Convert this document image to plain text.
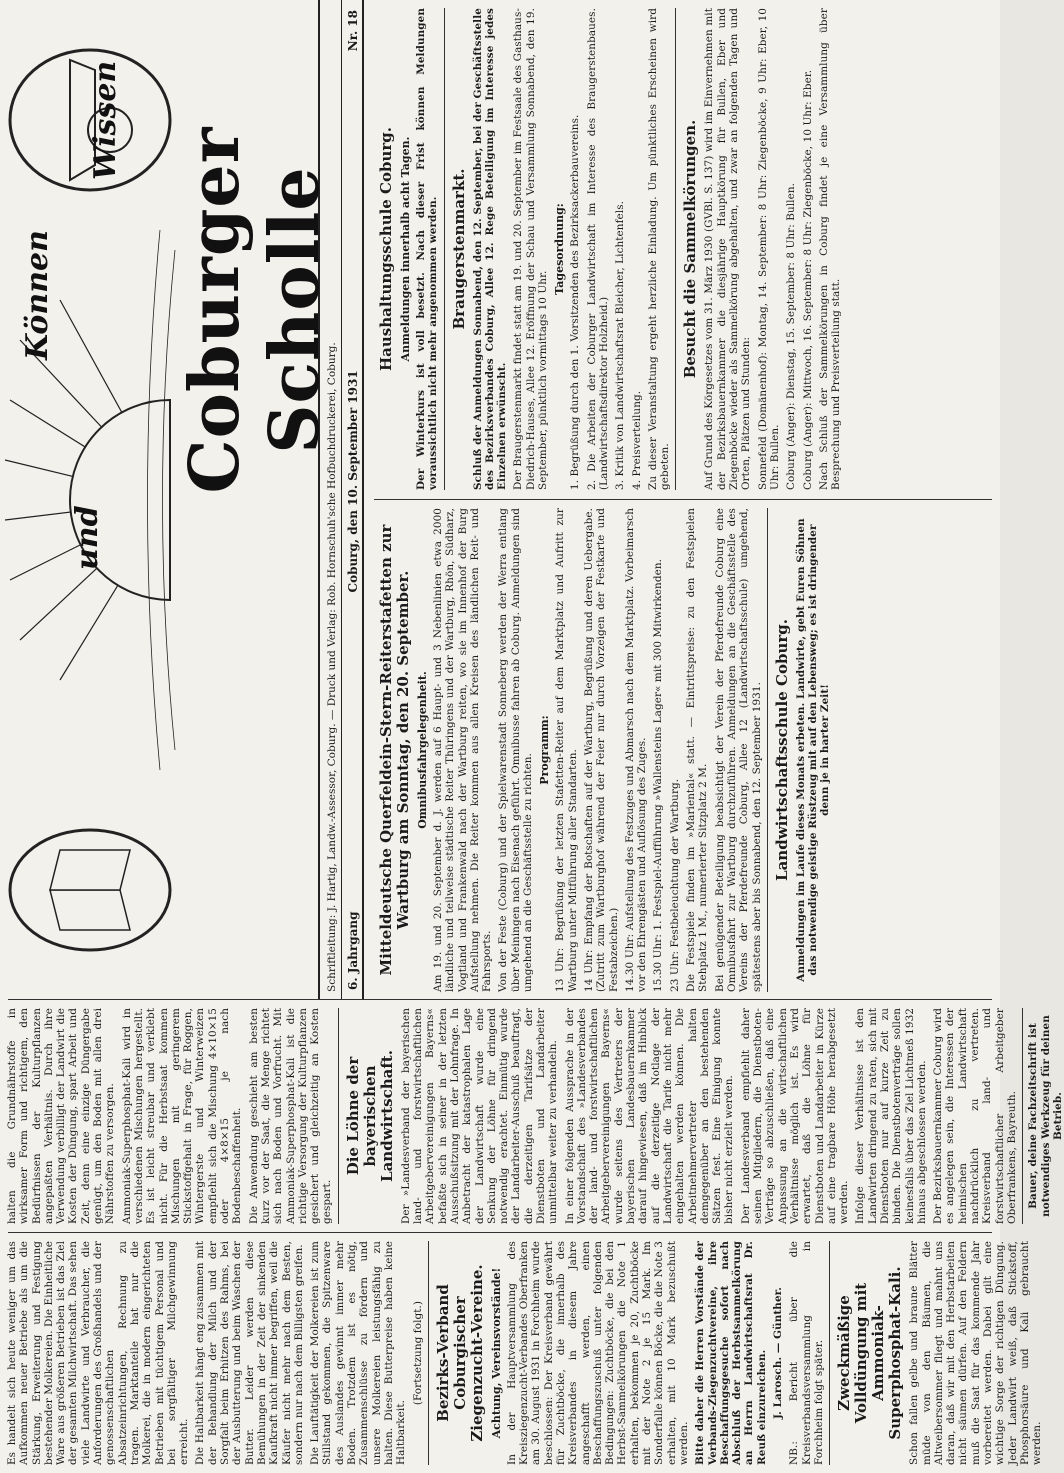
Wissen
und
Können Coburger Scholle
Schriftleitung: J. Hartig, Landw.-Assessor, Coburg. — Druck und Verlag: Rob. Hornschuh'sche Hofbuchdruckerei, Coburg. 6. Jahrgang
Coburg, den 10. September 1931
Nr. 18

Es handelt sich heute weniger um das Aufkommen neuer Betriebe als um die Stärkung, Erweiterung und Festigung bestehender Molkereien. Die Einheitliche Ware aus größeren Betrieben ist das Ziel der gesamten Milchwirtschaft. Das sehen viele Landwirte und Verbraucher, die Anforderungen des Großhandels und der genossenschaftlichen Absatzeinrichtungen, Rechnung zu tragen. Marktanteile hat nur die Molkerei, die in modern eingerichteten Betrieben mit tüchtigem Personal und bei sorgfältiger Milchgewinnung erreicht. Die Haltbarkeit hängt eng zusammen mit der Behandlung der Milch und der Sorgfalt beim Erhitzen des Rahms, bei der Ausbutterung und beim Waschen der Butter. Leider werden diese Bemühungen in der Zeit der sinkenden Kaufkraft nicht immer begriffen, weil die Käufer nicht mehr nach dem Besten, sondern nur nach dem Billigsten greifen. Die Lauftätigkeit der Molkereien ist zum Stillstand gekommen, die Spitzenware des Auslandes gewinnt immer mehr Boden. Trotzdem ist es nötig, Zusammenschlüsse zu fördern und unsere Molkereien leistungsfähig zu halten. Diese Butterpreise haben keine Haltbarkeit.

(Fortsetzung folgt.) Bezirks-Verband Coburgischer Ziegenzucht-Vereine. Achtung, Vereinsvorstände! In der Hauptversammlung des Kreisziegenzucht-Verbandes Oberfranken am 30. August 1931 in Forchheim wurde beschlossen: Der Kreisverband gewährt für Zuchtböcke, die innerhalb des Kreisverbandes in diesem Jahre angeschafft werden, einen Beschaffungszuschuß unter folgenden Bedingungen: Zuchtböcke, die bei den Herbst-Sammelkörungen die Note 1 erhalten, bekommen je 20, Zuchtböcke mit der Note 2 je 15 Mark. Im Sonderfalle können Böcke, die die Note 3 erhalten, mit 10 Mark bezuschußt werden. Bitte daher die Herren Vorstände der Verbands-Ziegenzuchtvereine, ihre Beschaffungsgesuche sofort nach Abschluß der Herbstsammelkörung an Herrn Landwirtschaftsrat Dr. Reuß einzureichen. J. Larosch. — Günther. NB.: Bericht über die Kreisverbandsversammlung in Forchheim folgt später. Zweckmäßige Volldüngung mit Ammoniak-Superphosphat-Kali. Schon fallen gelbe und braune Blätter müde von den Bäumen, die Altweibersommer fliegt und mahnt uns daran, daß wir mit den Herbstarbeiten nicht säumen dürfen. Auf den Feldern muß die Saat für das kommende Jahr vorbereitet werden. Dabei gilt eine wichtige Sorge der richtigen Düngung. Jeder Landwirt weiß, daß Stickstoff, Phosphorsäure und Kali gebraucht werden.

halten die Grundnährstoffe in wirksamer Form und richtigem, den Bedürfnissen der Kulturpflanzen angepaßten Verhältnis. Durch ihre Verwendung verbilligt der Landwirt die Kosten der Düngung, spart Arbeit und Zeit, denn eine einzige Düngergabe genügt, um den Boden mit allen drei Nährstoffen zu versorgen. Ammoniak-Superphosphat-Kali wird in verschiedenen Mischungen hergestellt. Es ist leicht streubar und verklebt nicht. Für die Herbstsaat kommen Mischungen mit geringerem Stickstoffgehalt in Frage, für Roggen, Wintergerste und Winterweizen empfiehlt sich die Mischung 4×10×15 oder 4×8×15 je nach Bodenbeschaffenheit. Die Anwendung geschieht am besten kurz vor der Saat, die Menge richtet sich nach Boden und Vorfrucht. Mit Ammoniak-Superphosphat-Kali ist die richtige Versorgung der Kulturpflanzen gesichert und gleichzeitig an Kosten gespart.

Die Löhne der bayerischen Landwirtschaft. Der »Landesverband der bayerischen land- und forstwirtschaftlichen Arbeitgebervereinigungen Bayerns« befaßte sich in seiner in der letzten Ausschußsitzung mit der Lohnfrage. In Anbetracht der katastrophalen Lage der Landwirtschaft wurde eine Senkung der Löhne für dringend notwendig erachtet. Einmütig wurde der Landarbeiter-Ausschuß beauftragt, die derzeitigen Tarifsätze der Dienstboten und Landarbeiter unmittelbar weiter zu verhandeln. In einer folgenden Aussprache in der Vorstandschaft des »Landesverbandes der land- und forstwirtschaftlichen Arbeitgebervereinigungen Bayerns« wurde seitens des Vertreters der bayerischen Landesbauernkammer darauf hingewiesen, daß im Hinblick auf die derzeitige Notlage der Landwirtschaft die Tarife nicht mehr eingehalten werden können. Die Arbeitnehmervertreter halten demgegenüber an den bestehenden Sätzen fest. Eine Einigung konnte bisher nicht erzielt werden. Der Landesverband empfiehlt daher seinen Mitgliedern, die Dienstboten-Verträge so abzuschließen, daß eine Anpassung an die wirtschaftlichen Verhältnisse möglich ist. Es wird erwartet, daß die Löhne für Dienstboten und Landarbeiter in Kürze auf eine tragbare Höhe herabgesetzt werden. Infolge dieser Verhältnisse ist den Landwirten dringend zu raten, sich mit Dienstboten nur auf kurze Zeit zu binden. Die Dienstbotenverträge sollen keinesfalls über das Ziel Lichtmeß 1932 hinaus abgeschlossen werden. Der Bezirksbauernkammer Coburg wird es angelegen sein, die Interessen der heimischen Landwirtschaft nachdrücklich zu vertreten. Kreisverband land- und forstwirtschaftlicher Arbeitgeber Oberfrankens, Bayreuth. Bauer, deine Fachzeitschrift ist notwendiges Werkzeug für deinen Betrieb.

Mitteldeutsche Querfeldein-Stern-Reiterstafetten zur Wartburg am Sonntag, den 20. September. Omnibusfahrgelegenheit. Am 19. und 20. September d. J. werden auf 6 Haupt- und 3 Nebenlinien etwa 2000 ländliche und teilweise städtische Reiter Thüringens und der Wartburg, Rhön, Südharz, Vogtland und Frankenwald nach der Wartburg reiten, wo sie im Innenhof der Burg Aufstellung nehmen. Die Reiter kommen aus allen Kreisen des ländlichen Reit- und Fahrsports. Von der Feste (Coburg) und der Spielwarenstadt Sonneberg werden der Werra entlang über Meiningen nach Eisenach geführt. Omnibusse fahren ab Coburg. Anmeldungen sind umgehend an die Geschäftsstelle zu richten.

Programm: 13 Uhr: Begrüßung der letzten Stafetten-Reiter auf dem Marktplatz und Aufritt zur Wartburg unter Mitführung aller Standarten. 14 Uhr: Empfang der Botschaften auf der Wartburg, Begrüßung und deren Uebergabe. (Zutritt zum Wartburghof während der Feier nur durch Vorzeigen der Festkarte und Festabzeichen.) 14.30 Uhr: Aufstellung des Festzuges und Abmarsch nach dem Marktplatz. Vorbeimarsch vor den Ehrengästen und Auflösung des Zuges. 15.30 Uhr: 1. Festspiel-Aufführung »Wallensteins Lager« mit 300 Mitwirkenden. 23 Uhr: Festbeleuchtung der Wartburg. Die Festspiele finden im »Mariental« statt. — Eintrittspreise: zu den Festspielen Stehplatz 1 M., numerierter Sitzplatz 2 M. Bei genügender Beteiligung beabsichtigt der Verein der Pferdefreunde Coburg eine Omnibusfahrt zur Wartburg durchzuführen. Anmeldungen an die Geschäftsstelle des Vereins der Pferdefreunde Coburg, Allee 12 (Landwirtschaftsschule) umgehend, spätestens aber bis Sonnabend, den 12. September 1931. Landwirtschaftsschule Coburg. Anmeldungen im Laufe dieses Monats erbeten. Landwirte, gebt Euren Söhnen das notwendige geistige Rüstzeug mit auf den Lebensweg; es ist dringender denn je in harter Zeit!

Haushaltungsschule Coburg. Anmeldungen innerhalb acht Tagen. Der Winterkurs ist voll besetzt. Nach dieser Frist können Meldungen voraussichtlich nicht mehr angenommen werden. Braugerstenmarkt. Schluß der Anmeldungen Sonnabend, den 12. September, bei der Geschäftsstelle des Bezirksverbandes Coburg, Allee 12. Rege Beteiligung im Interesse jedes Einzelnen erwünscht. Der Braugerstenmarkt findet statt am 19. und 20. September im Festsaale des Gasthaus-Diedrich-Hauses, Allee 12. Eröffnung der Schau und Versammlung Sonnabend, den 19. September, pünktlich vormittags 10 Uhr.

Tagesordnung: 1. Begrüßung durch den 1. Vorsitzenden des Bezirksackerbauvereins. 2. Die Arbeiten der Coburger Landwirtschaft im Interesse des Braugerstenbaues. (Landwirtschaftsdirektor Holzheid.) 3. Kritik von Landwirtschaftsrat Bleicher, Lichtenfels. 4. Preisverteilung. Zu dieser Veranstaltung ergeht herzliche Einladung. Um pünktliches Erscheinen wird gebeten.

Besucht die Sammelkörungen. Auf Grund des Körgesetzes vom 31. März 1930 (GVBl. S. 137) wird im Einvernehmen mit der Bezirksbauernkammer die diesjährige Hauptkörung für Bullen, Eber und Ziegenböcke wieder als Sammelkörung abgehalten, und zwar an folgenden Tagen und Orten, Plätzen und Stunden: Sonnefeld (Domänenhof): Montag, 14. September: 8 Uhr: Ziegenböcke, 9 Uhr: Eber, 10 Uhr: Bullen. Coburg (Anger): Dienstag, 15. September: 8 Uhr: Bullen. Coburg (Anger): Mittwoch, 16. September: 8 Uhr: Ziegenböcke, 10 Uhr: Eber. Nach Schluß der Sammelkörungen in Coburg findet je eine Versammlung über Besprechung und Preisverteilung statt.
